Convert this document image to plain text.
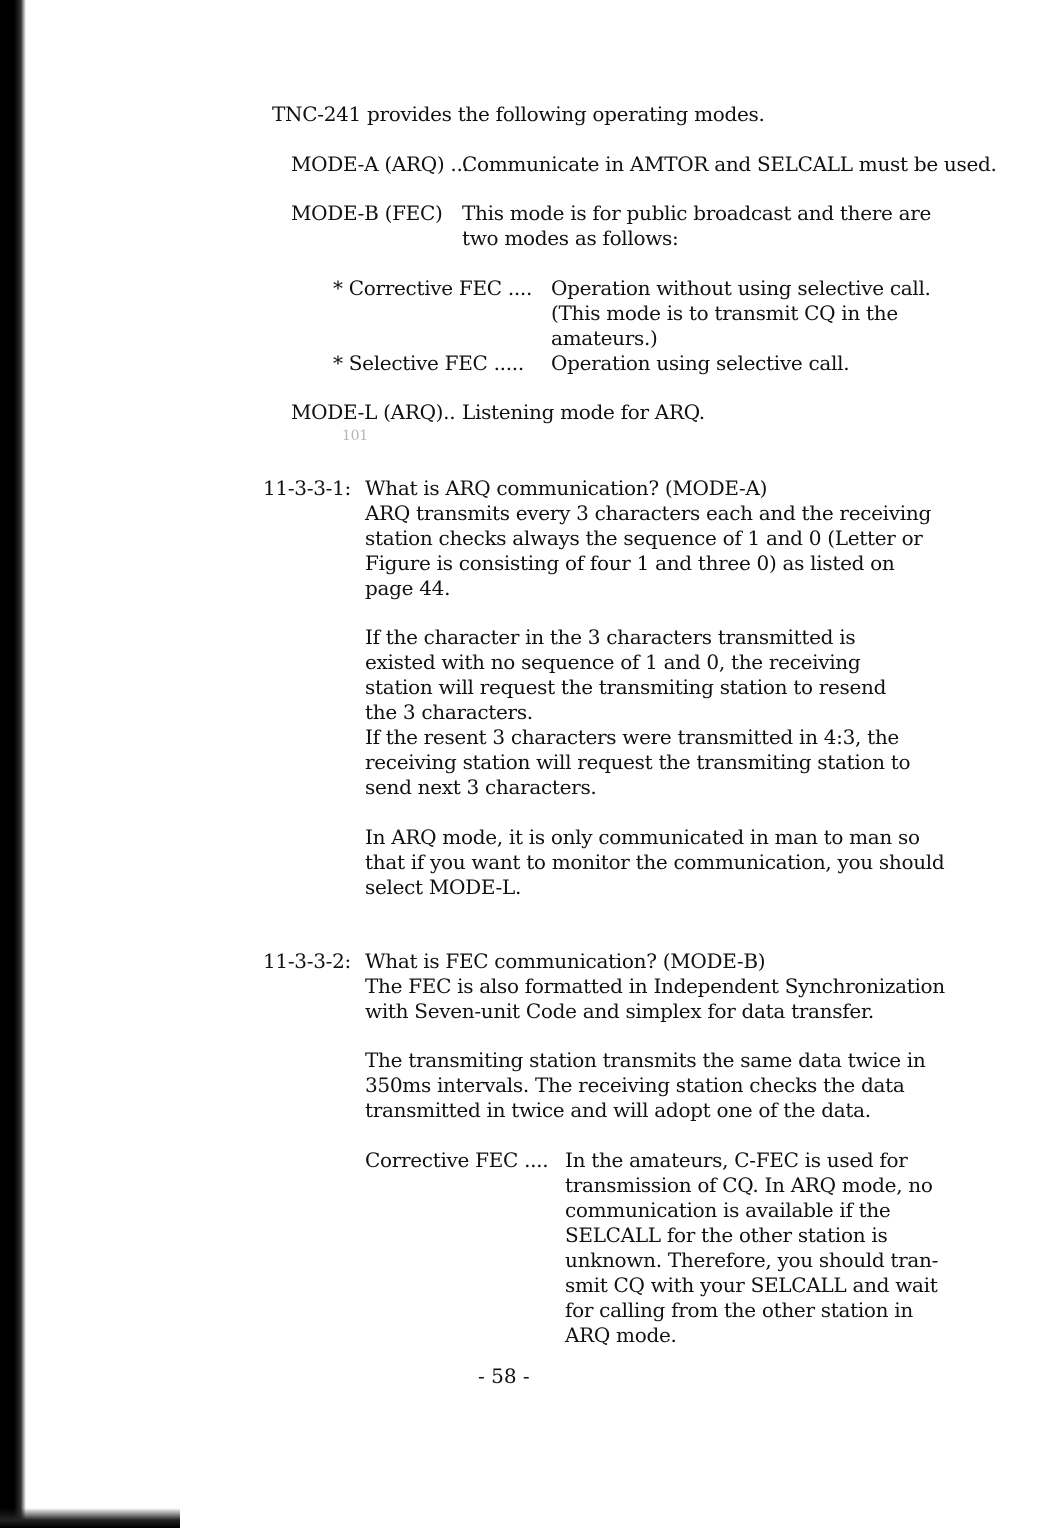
TNC-241 provides the following operating modes.
MODE-A (ARQ) ...
Communicate in AMTOR and SELCALL must be used.
MODE-B (FEC) This mode is for public broadcast and there are
two modes as follows:
* Corrective FEC .... Operation without using selective call.
(This mode is to transmit CQ in the
amateurs.)
* Selective FEC ..... Operation using selective call.
MODE-L (ARQ).. Listening mode for ARQ.
101
11-3-3-1: What is ARQ communication? (MODE-A)
ARQ transmits every 3 characters each and the receiving
station checks always the sequence of 1 and 0 (Letter or
Figure is consisting of four 1 and three 0) as listed on
page 44.
If the character in the 3 characters transmitted is
existed with no sequence of 1 and 0, the receiving
station will request the transmiting station to resend
the 3 characters.
If the resent 3 characters were transmitted in 4:3, the
receiving station will request the transmiting station to
send next 3 characters.
In ARQ mode, it is only communicated in man to man so
that if you want to monitor the communication, you should
select MODE-L.
11-3-3-2: What is FEC communication? (MODE-B)
The FEC is also formatted in Independent Synchronization
with Seven-unit Code and simplex for data transfer.
The transmiting station transmits the same data twice in
350ms intervals. The receiving station checks the data
transmitted in twice and will adopt one of the data.
Corrective FEC .... In the amateurs, C-FEC is used for
transmission of CQ. In ARQ mode, no
communication is available if the
SELCALL for the other station is
unknown. Therefore, you should tran-
smit CQ with your SELCALL and wait
for calling from the other station in
ARQ mode.
- 58 -
